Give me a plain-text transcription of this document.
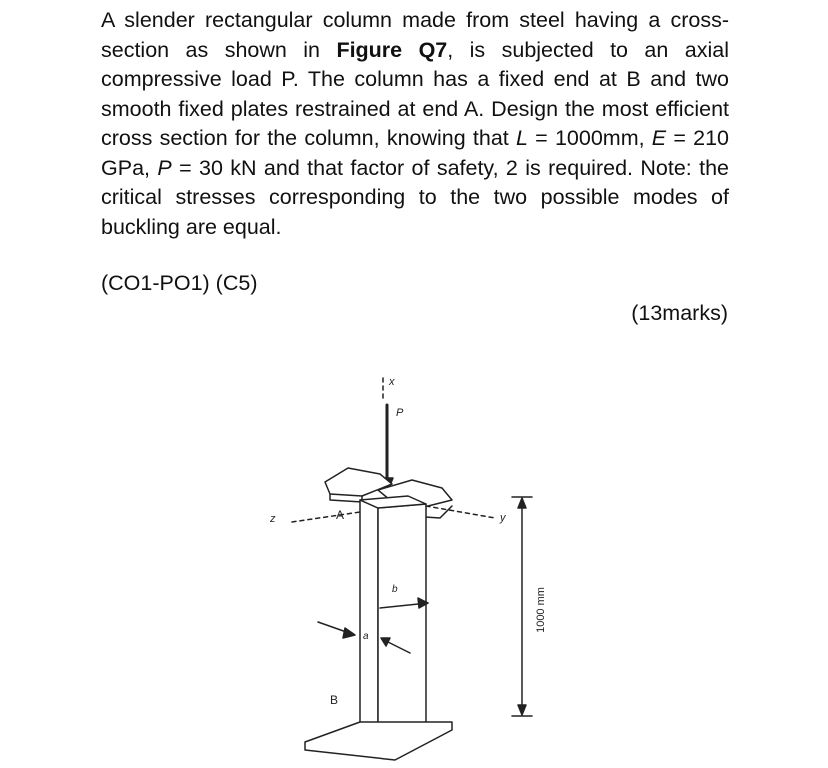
A slender rectangular column made from steel having a cross-section as shown in Figure Q7, is subjected to an axial compressive load P. The column has a fixed end at B and two smooth fixed plates restrained at end A. Design the most efficient cross section for the column, knowing that L = 1000mm, E = 210 GPa, P = 30 kN and that factor of safety, 2 is required. Note: the critical stresses corresponding to the two possible modes of buckling are equal.

(CO1-PO1) (C5)
(13marks)
x
P
z	y
A
B
b
a
1000 mm
